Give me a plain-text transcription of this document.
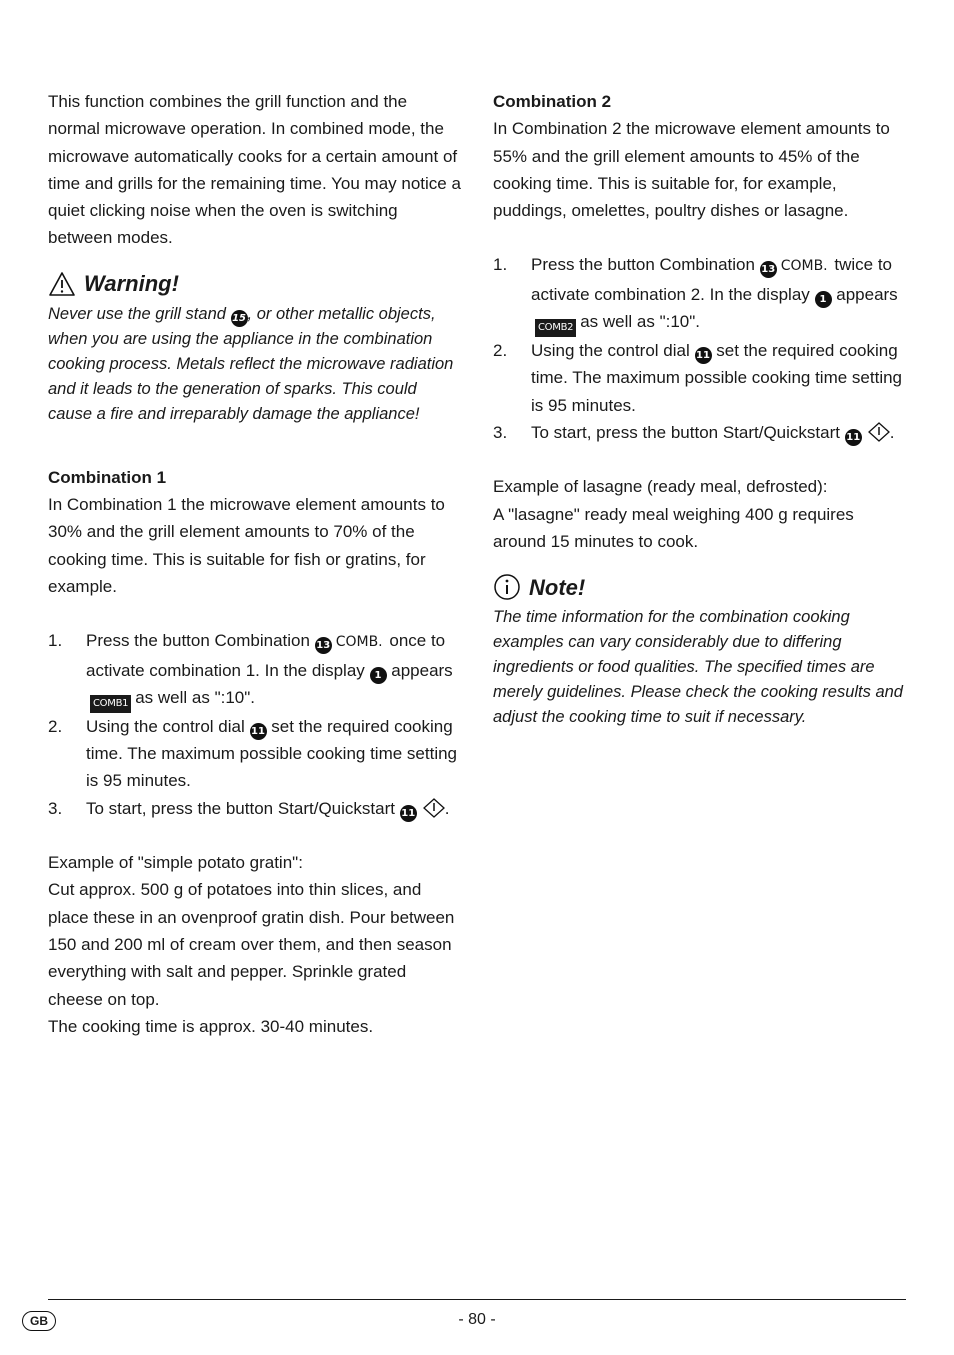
This function combines the grill function and the normal microwave operation. In combined mode, the microwave automatically cooks for a certain amount of time and grills for the remaining time. You may notice a quiet clicking noise when the oven is switching between modes.

Warning!

Never use the grill stand 15, or other metallic objects, when you are using the appliance in the combination cooking process. Metals reflect the microwave radiation and it leads to the generation of sparks. This could cause a fire and irreparably damage the appliance!

Combination 1

In Combination 1 the microwave element amounts to 30% and the grill element amounts to 70% of the cooking time. This is suitable for fish or gratins, for example.

1.	Press the button Combination 13 COMB. once to activate combination 1. In the display 1 appearsCOMB1 as well as ":10".
2.	Using the control dial 11 set the required cooking time. The maximum possible cooking time setting is 95 minutes.
3.	To start, press the button Start/Quickstart 11 .

Example of "simple potato gratin":

Cut approx. 500 g of potatoes into thin slices, and place these in an ovenproof gratin dish. Pour between 150 and 200 ml of cream over them, and then season everything with salt and pepper. Sprinkle grated cheese on top.

The cooking time is approx. 30-40 minutes.

Combination 2

In Combination 2 the microwave element amounts to 55% and the grill element amounts to 45% of the cooking time. This is suitable for, for example, puddings, omelettes, poultry dishes or lasagne.

1.	Press the button Combination 13 COMB. twice to activate combination 2. In the display 1 appearsCOMB2 as well as ":10".
2.	Using the control dial 11 set the required cooking time. The maximum possible cooking time setting is 95 minutes.
3.	To start, press the button Start/Quickstart 11 .

Example of lasagne (ready meal, defrosted):

A "lasagne" ready meal weighing 400 g requires around 15 minutes to cook.

Note!

The time information for the combination cooking examples can vary considerably due to differing ingredients or food qualities. The specified times are merely guidelines. Please check the cooking results and adjust the cooking time to suit if necessary.

GB	- 80 -
